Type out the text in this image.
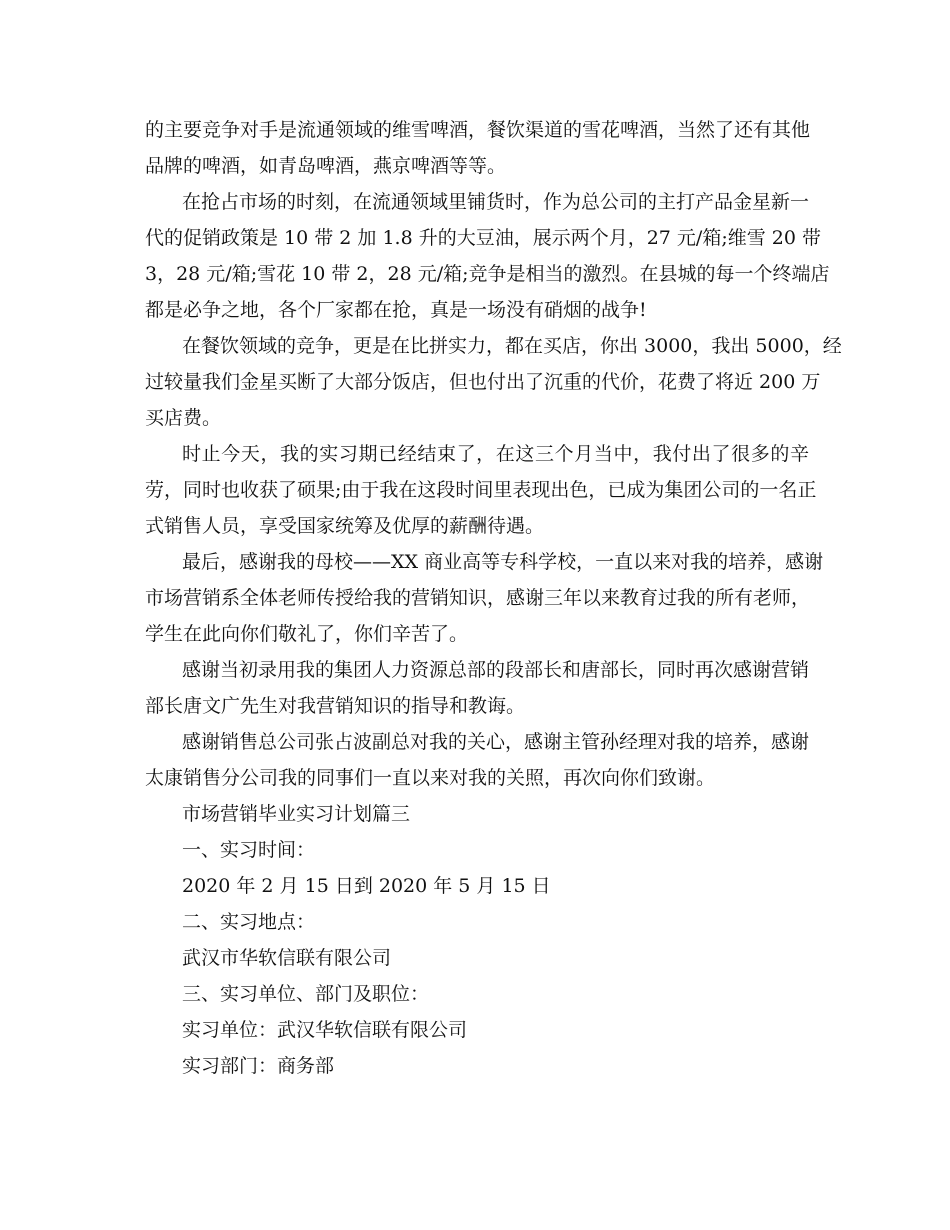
的主要竞争对手是流通领域的维雪啤酒，餐饮渠道的雪花啤酒，当然了还有其他
品牌的啤酒，如青岛啤酒，燕京啤酒等等。
在抢占市场的时刻，在流通领域里铺货时，作为总公司的主打产品金星新一
代的促销政策是 10 带 2 加 1.8 升的大豆油，展示两个月，27 元/箱;维雪 20 带
3，28 元/箱;雪花 10 带 2，28 元/箱;竞争是相当的激烈。在县城的每一个终端店
都是必争之地，各个厂家都在抢，真是一场没有硝烟的战争!
在餐饮领域的竞争，更是在比拼实力，都在买店，你出 3000，我出 5000，经
过较量我们金星买断了大部分饭店，但也付出了沉重的代价，花费了将近 200 万
买店费。
时止今天，我的实习期已经结束了，在这三个月当中，我付出了很多的辛
劳，同时也收获了硕果;由于我在这段时间里表现出色，已成为集团公司的一名正
式销售人员，享受国家统筹及优厚的薪酬待遇。
最后，感谢我的母校——XX 商业高等专科学校，一直以来对我的培养，感谢
市场营销系全体老师传授给我的营销知识，感谢三年以来教育过我的所有老师，
学生在此向你们敬礼了，你们辛苦了。
感谢当初录用我的集团人力资源总部的段部长和唐部长，同时再次感谢营销
部长唐文广先生对我营销知识的指导和教诲。
感谢销售总公司张占波副总对我的关心，感谢主管孙经理对我的培养，感谢
太康销售分公司我的同事们一直以来对我的关照，再次向你们致谢。
市场营销毕业实习计划篇三
一、实习时间：
2020 年 2 月 15 日到 2020 年 5 月 15 日
二、实习地点：
武汉市华软信联有限公司
三、实习单位、部门及职位：
实习单位：武汉华软信联有限公司
实习部门：商务部
